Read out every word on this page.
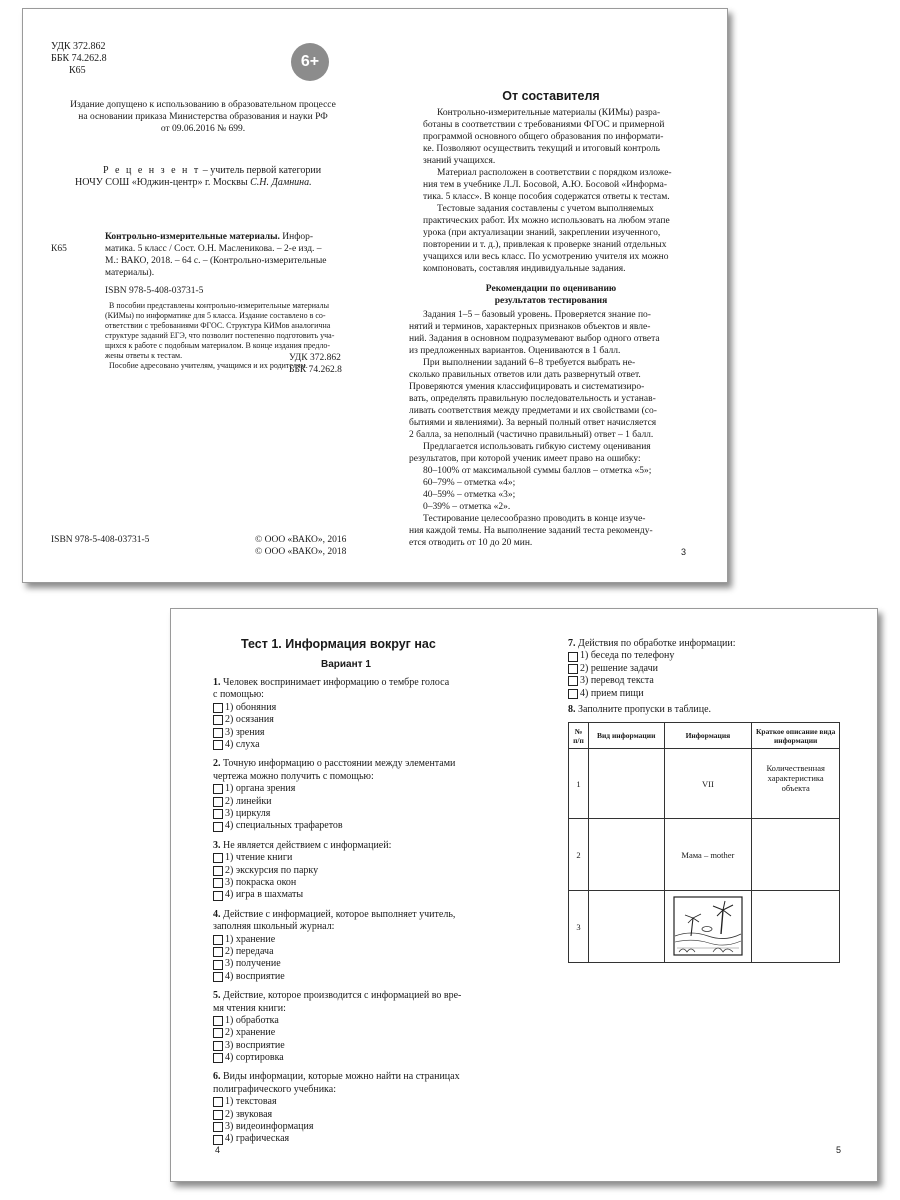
УДК 372.862
ББК 74.262.8
К65
6+
Издание допущено к использованию в образовательном процессе
на основании приказа Министерства образования и науки РФ
от 09.06.2016 № 699.
Р е ц е н з е н т – учитель первой категории
НОЧУ СОШ «Юджин-центр» г. Москвы С.Н. Дамнина.
Контрольно-измерительные материалы. Инфор-
К65	матика. 5 класс / Сост. О.Н. Масленикова. – 2-е изд. –
М.: ВАКО, 2018. – 64 с. – (Контрольно-измерительные
материалы).
ISBN 978-5-408-03731-5
В пособии представлены контрольно-измерительные материалы
(КИМы) по информатике для 5 класса. Издание составлено в со-
ответствии с требованиями ФГОС. Структура КИМов аналогична
структуре заданий ЕГЭ, что позволит постепенно подготовить уча-
щихся к работе с подобным материалом. В конце издания предло-
жены ответы к тестам.
Пособие адресовано учителям, учащимся и их родителям.
УДК 372.862
ББК 74.262.8
ISBN 978-5-408-03731-5	© ООО «ВАКО», 2016
© ООО «ВАКО», 2018
От составителя
Контрольно-измерительные материалы (КИМы) разра-
ботаны в соответствии с требованиями ФГОС и примерной
программой основного общего образования по информати-
ке. Позволяют осуществить текущий и итоговый контроль
знаний учащихся.
Материал расположен в соответствии с порядком изложе-
ния тем в учебнике Л.Л. Босовой, А.Ю. Босовой «Информа-
тика. 5 класс». В конце пособия содержатся ответы к тестам.
Тестовые задания составлены с учетом выполняемых
практических работ. Их можно использовать на любом этапе
урока (при актуализации знаний, закреплении изученного,
повторении и т. д.), привлекая к проверке знаний отдельных
учащихся или весь класс. По усмотрению учителя их можно
компоновать, составляя индивидуальные задания.
Рекомендации по оцениванию
результатов тестирования
Задания 1–5 – базовый уровень. Проверяется знание по-
нятий и терминов, характерных признаков объектов и явле-
ний. Задания в основном подразумевают выбор одного ответа
из предложенных вариантов. Оцениваются в 1 балл.
При выполнении заданий 6–8 требуется выбрать не-
сколько правильных ответов или дать развернутый ответ.
Проверяются умения классифицировать и систематизиро-
вать, определять правильную последовательность и устанав-
ливать соответствия между предметами и их свойствами (со-
бытиями и явлениями). За верный полный ответ начисляется
2 балла, за неполный (частично правильный) ответ – 1 балл.
Предлагается использовать гибкую систему оценивания
результатов, при которой ученик имеет право на ошибку:
80–100% от максимальной суммы баллов – отметка «5»;
60–79% – отметка «4»;
40–59% – отметка «3»;
0–39% – отметка «2».
Тестирование целесообразно проводить в конце изуче-
ния каждой темы. На выполнение заданий теста рекоменду-
ется отводить от 10 до 20 мин.
3
Тест 1. Информация вокруг нас
Вариант 1
1. Человек воспринимает информацию о тембре голоса
с помощью:
1) обоняния
2) осязания
3) зрения
4) слуха
2. Точную информацию о расстоянии между элементами
чертежа можно получить с помощью:
1) органа зрения
2) линейки
3) циркуля
4) специальных трафаретов
3. Не является действием с информацией:
1) чтение книги
2) экскурсия по парку
3) покраска окон
4) игра в шахматы
4. Действие с информацией, которое выполняет учитель,
заполняя школьный журнал:
1) хранение
2) передача
3) получение
4) восприятие
5. Действие, которое производится с информацией во вре-
мя чтения книги:
1) обработка
2) хранение
3) восприятие
4) сортировка
6. Виды информации, которые можно найти на страницах
полиграфического учебника:
1) текстовая
2) звуковая
3) видеоинформация
4) графическая
7. Действия по обработке информации:
1) беседа по телефону
2) решение задачи
3) перевод текста
4) прием пищи
8. Заполните пропуски в таблице.
№ п/п	Вид информации	Информация	Краткое описание вида информации
1		VII	Количественная характеристика объекта
2		Мама – mother	
3			
4	5
